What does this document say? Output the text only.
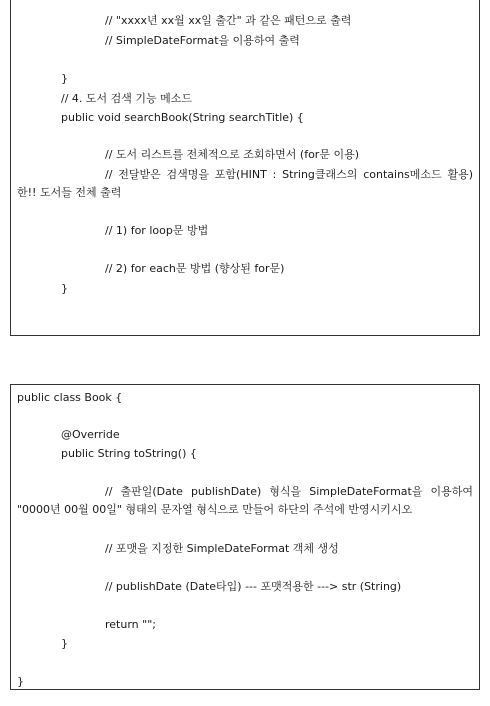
// "xxxx년 xx월 xx일 출간" 과 같은 패턴으로 출력
// SimpleDateFormat을 이용하여 출력
}
// 4. 도서 검색 기능 메소드
public void searchBook(String searchTitle) {
// 도서 리스트를 전체적으로 조회하면서 (for문 이용)
// 전달받은 검색명을 포함(HINT : String클래스의 contains메소드 활용)한!! 도서들 전체 출력
// 1) for loop문 방법
// 2) for each문 방법 (향상된 for문)
}
public class Book {
@Override
public String toString() {
// 출판일(Date publishDate) 형식을 SimpleDateFormat을 이용하여 "0000년 00월 00일" 형태의 문자열 형식으로 만들어 하단의 주석에 반영시키시오
// 포맷을 지정한 SimpleDateFormat 객체 생성
// publishDate (Date타입) --- 포맷적용한 ---> str (String)
return "";
}
}
